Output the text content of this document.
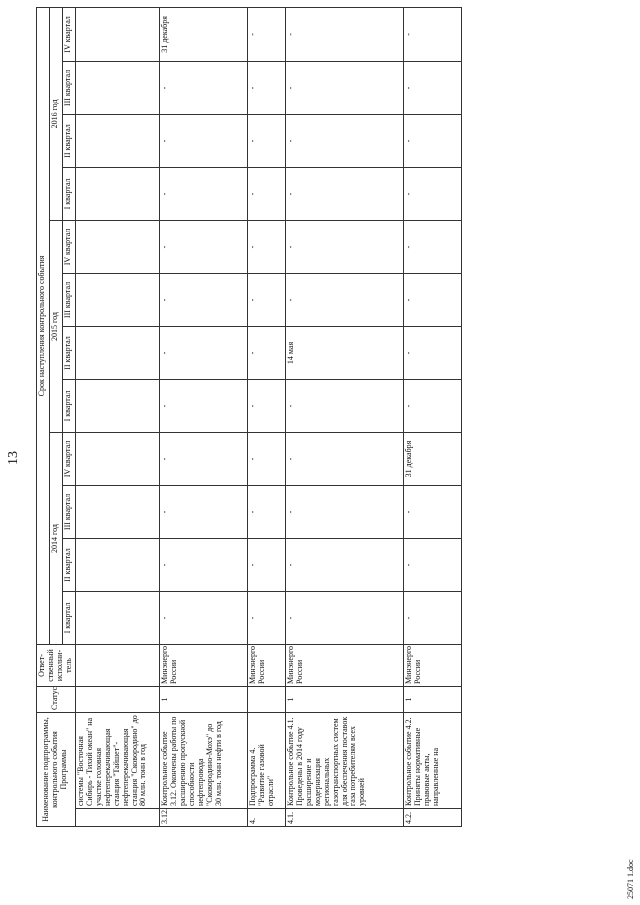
13
Наименование подпрограммы, контрольного события Программы		Статус	Ответ-ственный исполни-тель	Срок наступления контрольного события											
				2014 год				2015 год				2016 год			
				I квартал	II квартал	III квартал	IV квартал	I квартал	II квартал	III квартал	IV квартал	I квартал	II квартал	III квартал	IV квартал
	системы "Восточная Сибирь - Тихий океан" на участке головная нефтеперекачивающая станция "Тайшет"-нефтеперекачивающая станция "Сковородино" до 80 млн. тонн в год														
3.12.	Контрольное событие 3.12. Окончены работы по расширению пропускной способности нефтепровода "Сковородино-Мохэ" до 30 млн. тонн нефти в год	1	Минэнерго России	-	-	-	-	-	-	-	-	-	-	-	31 декабря
4.	Подпрограмма 4. "Развитие газовой отрасли"		Минэнерго России	-	-	-	-	-	-	-	-	-	-	-	-
4.1.	Контрольное событие 4.1. Проведены в 2014 году расширение и модернизация региональных газотранспортных систем для обеспечения поставок газа потребителям всех уровней	1	Минэнерго России	-	-	-	-	-	14 мая	-	-	-	-	-	-
4.2.	Контрольное событие 4.2. Приняты нормативные правовые акты, направленные на	1	Минэнерго России	-	-	-	31 декабря	-	-	-	-	-	-	-	-
25071 1.doc
